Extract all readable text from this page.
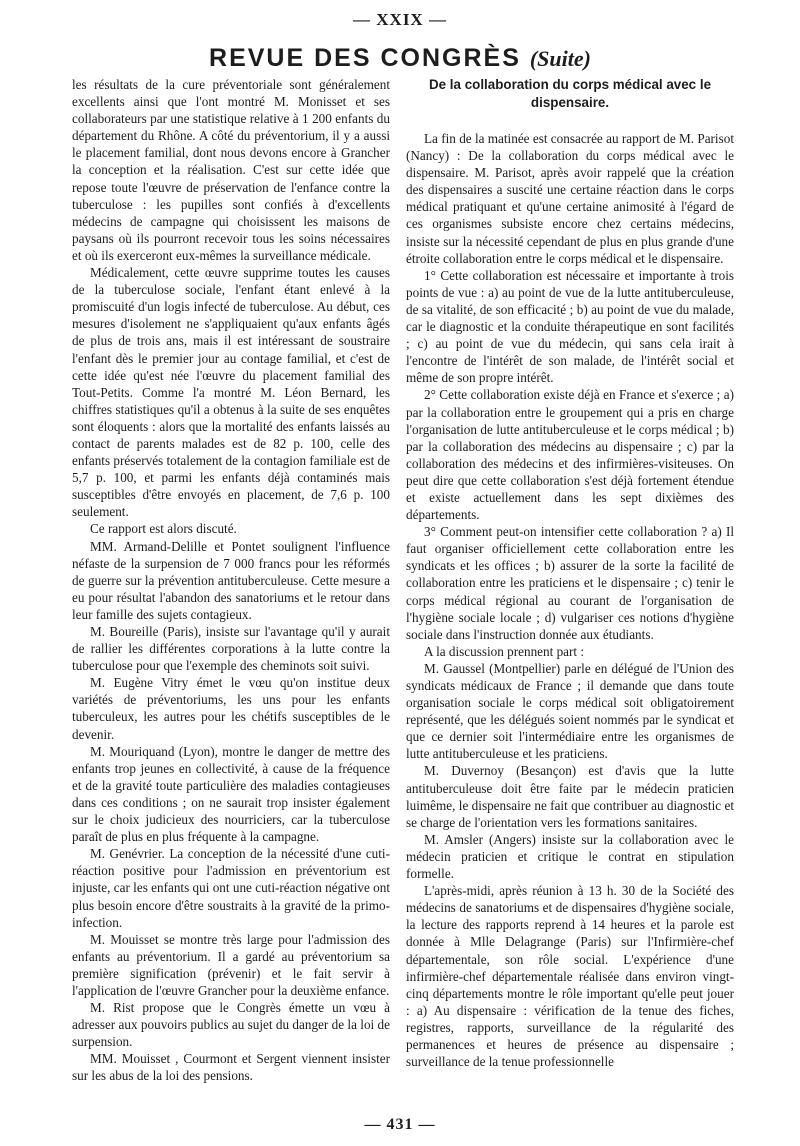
— XXIX —
REVUE DES CONGRÈS (Suite)

les résultats de la cure préventoriale sont généralement excellents ainsi que l'ont montré M. Monisset et ses collaborateurs par une statistique relative à 1 200 enfants du département du Rhône. A côté du préventorium, il y a aussi le placement familial, dont nous devons encore à Grancher la conception et la réalisation. C'est sur cette idée que repose toute l'œuvre de préservation de l'enfance contre la tuberculose : les pupilles sont confiés à d'excellents médecins de campagne qui choisissent les maisons de paysans où ils pourront recevoir tous les soins nécessaires et où ils exerceront eux-mêmes la surveillance médicale.

Médicalement, cette œuvre supprime toutes les causes de la tuberculose sociale, l'enfant étant enlevé à la promiscuité d'un logis infecté de tuberculose. Au début, ces mesures d'isolement ne s'appliquaient qu'aux enfants âgés de plus de trois ans, mais il est intéressant de soustraire l'enfant dès le premier jour au contage familial, et c'est de cette idée qu'est née l'œuvre du placement familial des Tout-Petits. Comme l'a montré M. Léon Bernard, les chiffres statistiques qu'il a obtenus à la suite de ses enquêtes sont éloquents : alors que la mortalité des enfants laissés au contact de parents malades est de 82 p. 100, celle des enfants préservés totalement de la contagion familiale est de 5,7 p. 100, et parmi les enfants déjà contaminés mais susceptibles d'être envoyés en placement, de 7,6 p. 100 seulement.

Ce rapport est alors discuté.

MM. Armand-Delille et Pontet soulignent l'influence néfaste de la surpension de 7 000 francs pour les réformés de guerre sur la prévention antituberculeuse. Cette mesure a eu pour résultat l'abandon des sanatoriums et le retour dans leur famille des sujets contagieux.

M. Boureille (Paris), insiste sur l'avantage qu'il y aurait de rallier les différentes corporations à la lutte contre la tuberculose pour que l'exemple des cheminots soit suivi.

M. Eugène Vitry émet le vœu qu'on institue deux variétés de préventoriums, les uns pour les enfants tuberculeux, les autres pour les chétifs susceptibles de le devenir.

M. Mouriquand (Lyon), montre le danger de mettre des enfants trop jeunes en collectivité, à cause de la fréquence et de la gravité toute particulière des maladies contagieuses dans ces conditions ; on ne saurait trop insister également sur le choix judicieux des nourriciers, car la tuberculose paraît de plus en plus fréquente à la campagne.

M. Genévrier. La conception de la nécessité d'une cuti-réaction positive pour l'admission en préventorium est injuste, car les enfants qui ont une cuti-réaction négative ont plus besoin encore d'être soustraits à la gravité de la primo-infection.

M. Mouisset se montre très large pour l'admission des enfants au préventorium. Il a gardé au préventorium sa première signification (prévenir) et le fait servir à l'application de l'œuvre Grancher pour la deuxième enfance.

M. Rist propose que le Congrès émette un vœu à adresser aux pouvoirs publics au sujet du danger de la loi de surpension.

MM. Mouisset , Courmont et Sergent viennent insister sur les abus de la loi des pensions.

De la collaboration du corps médical avec le dispensaire.

La fin de la matinée est consacrée au rapport de M. Parisot (Nancy) : De la collaboration du corps médical avec le dispensaire. M. Parisot, après avoir rappelé que la création des dispensaires a suscité une certaine réaction dans le corps médical pratiquant et qu'une certaine animosité à l'égard de ces organismes subsiste encore chez certains médecins, insiste sur la nécessité cependant de plus en plus grande d'une étroite collaboration entre le corps médical et le dispensaire.

1° Cette collaboration est nécessaire et importante à trois points de vue : a) au point de vue de la lutte antituberculeuse, de sa vitalité, de son efficacité ; b) au point de vue du malade, car le diagnostic et la conduite thérapeutique en sont facilités ; c) au point de vue du médecin, qui sans cela irait à l'encontre de l'intérêt de son malade, de l'intérêt social et même de son propre intérêt.

2° Cette collaboration existe déjà en France et s'exerce ; a) par la collaboration entre le groupement qui a pris en charge l'organisation de lutte antituberculeuse et le corps médical ; b) par la collaboration des médecins au dispensaire ; c) par la collaboration des médecins et des infirmières-visiteuses. On peut dire que cette collaboration s'est déjà fortement étendue et existe actuellement dans les sept dixièmes des départements.

3° Comment peut-on intensifier cette collaboration ? a) Il faut organiser officiellement cette collaboration entre les syndicats et les offices ; b) assurer de la sorte la facilité de collaboration entre les praticiens et le dispensaire ; c) tenir le corps médical régional au courant de l'organisation de l'hygiène sociale locale ; d) vulgariser ces notions d'hygiène sociale dans l'instruction donnée aux étudiants.

A la discussion prennent part :

M. Gaussel (Montpellier) parle en délégué de l'Union des syndicats médicaux de France ; il demande que dans toute organisation sociale le corps médical soit obligatoirement représenté, que les délégués soient nommés par le syndicat et que ce dernier soit l'intermédiaire entre les organismes de lutte antituberculeuse et les praticiens.

M. Duvernoy (Besançon) est d'avis que la lutte antituberculeuse doit être faite par le médecin praticien luimême, le dispensaire ne fait que contribuer au diagnostic et se charge de l'orientation vers les formations sanitaires.

M. Amsler (Angers) insiste sur la collaboration avec le médecin praticien et critique le contrat en stipulation formelle.

L'après-midi, après réunion à 13 h. 30 de la Société des médecins de sanatoriums et de dispensaires d'hygiène sociale, la lecture des rapports reprend à 14 heures et la parole est donnée à Mlle Delagrange (Paris) sur l'Infirmière-chef départementale, son rôle social. L'expérience d'une infirmière-chef départementale réalisée dans environ vingt-cinq départements montre le rôle important qu'elle peut jouer : a) Au dispensaire : vérification de la tenue des fiches, registres, rapports, surveillance de la régularité des permanences et heures de présence au dispensaire ; surveillance de la tenue professionnelle

— 431 —
